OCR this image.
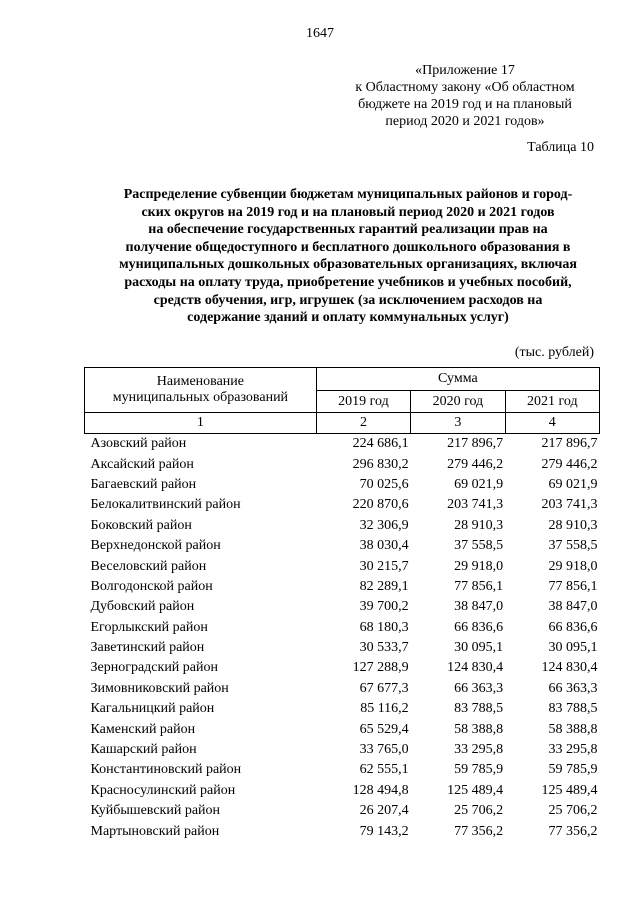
1647
«Приложение 17
к Областному закону «Об областном
бюджете на 2019 год и на плановый
период 2020 и 2021 годов»
Таблица 10
Распределение субвенции бюджетам муниципальных районов и город-
ских округов на 2019 год и на плановый период 2020 и 2021 годов
на обеспечение государственных гарантий реализации прав на
получение общедоступного и бесплатного дошкольного образования в
муниципальных дошкольных образовательных организациях, включая
расходы на оплату труда, приобретение учебников и учебных пособий,
средств обучения, игр, игрушек (за исключением расходов на
содержание зданий и оплату коммунальных услуг)
(тыс. рублей)
Наименование
муниципальных образований	Сумма		
	2019 год	2020 год	2021 год
1	2	3	4
Азовский район	224 686,1	217 896,7	217 896,7
Аксайский район	296 830,2	279 446,2	279 446,2
Багаевский район	70 025,6	69 021,9	69 021,9
Белокалитвинский район	220 870,6	203 741,3	203 741,3
Боковский район	32 306,9	28 910,3	28 910,3
Верхнедонской район	38 030,4	37 558,5	37 558,5
Веселовский район	30 215,7	29 918,0	29 918,0
Волгодонской район	82 289,1	77 856,1	77 856,1
Дубовский район	39 700,2	38 847,0	38 847,0
Егорлыкский район	68 180,3	66 836,6	66 836,6
Заветинский район	30 533,7	30 095,1	30 095,1
Зерноградский район	127 288,9	124 830,4	124 830,4
Зимовниковский район	67 677,3	66 363,3	66 363,3
Кагальницкий район	85 116,2	83 788,5	83 788,5
Каменский район	65 529,4	58 388,8	58 388,8
Кашарский район	33 765,0	33 295,8	33 295,8
Константиновский район	62 555,1	59 785,9	59 785,9
Красносулинский район	128 494,8	125 489,4	125 489,4
Куйбышевский район	26 207,4	25 706,2	25 706,2
Мартыновский район	79 143,2	77 356,2	77 356,2
